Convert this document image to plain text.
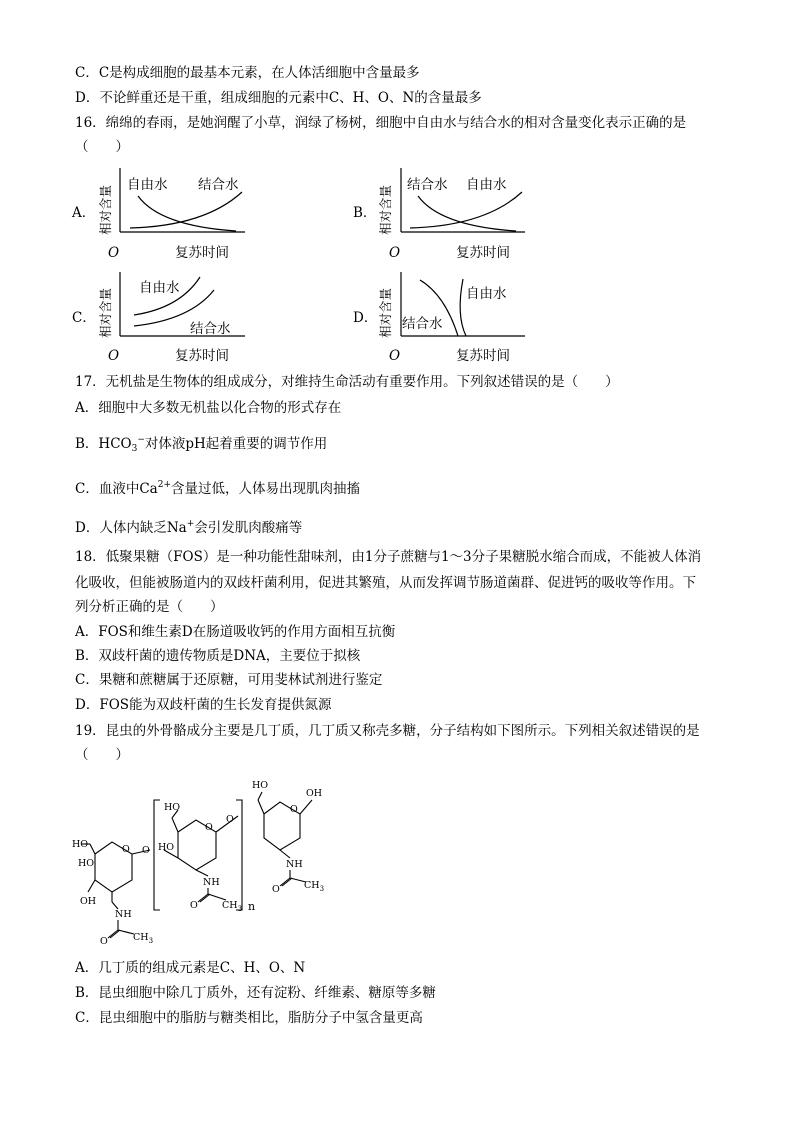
C．C是构成细胞的最基本元素，在人体活细胞中含量最多
D．不论鲜重还是干重，组成细胞的元素中C、H、O、N的含量最多
16．绵绵的春雨，是她润醒了小草，润绿了杨树，细胞中自由水与结合水的相对含量变化表示正确的是
（　　）
A． 相对含量
O	复苏时间
自由水 结合水
B． 相对含量
O	复苏时间
结合水 自由水
C． 相对含量
O	复苏时间
自由水
结合水
D． 相对含量
O	复苏时间
结合水
自由水
17．无机盐是生物体的组成成分，对维持生命活动有重要作用。下列叙述错误的是（　　）
A．细胞中大多数无机盐以化合物的形式存在
B．$HCO_3^-$对体液pH起着重要的调节作用
C．血液中$Ca^{2+}$含量过低，人体易出现肌肉抽搐
D．人体内缺乏Na+会引发肌肉酸痛等
18．低聚果糖（FOS）是一种功能性甜味剂，由1分子蔗糖与1～3分子果糖脱水缩合而成，不能被人体消
化吸收，但能被肠道内的双歧杆菌利用，促进其繁殖，从而发挥调节肠道菌群、促进钙的吸收等作用。下
列分析正确的是（　　）
A．FOS和维生素D在肠道吸收钙的作用方面相互抗衡
B．双歧杆菌的遗传物质是DNA，主要位于拟核
C．果糖和蔗糖属于还原糖，可用斐林试剂进行鉴定
D．FOS能为双歧杆菌的生长发育提供氮源
19．昆虫的外骨骼成分主要是几丁质，几丁质又称壳多糖，分子结构如下图所示。下列相关叙述错误的是
（　　）
HO
HO
OH
O O
NH
O	$CH_3$
HO
HO
O
O
NH
O	$CH_3$ n
HO
OH
O
NH
O	$CH_3$
A．几丁质的组成元素是C、H、O、N
B．昆虫细胞中除几丁质外，还有淀粉、纤维素、糖原等多糖
C．昆虫细胞中的脂肪与糖类相比，脂肪分子中氢含量更高
